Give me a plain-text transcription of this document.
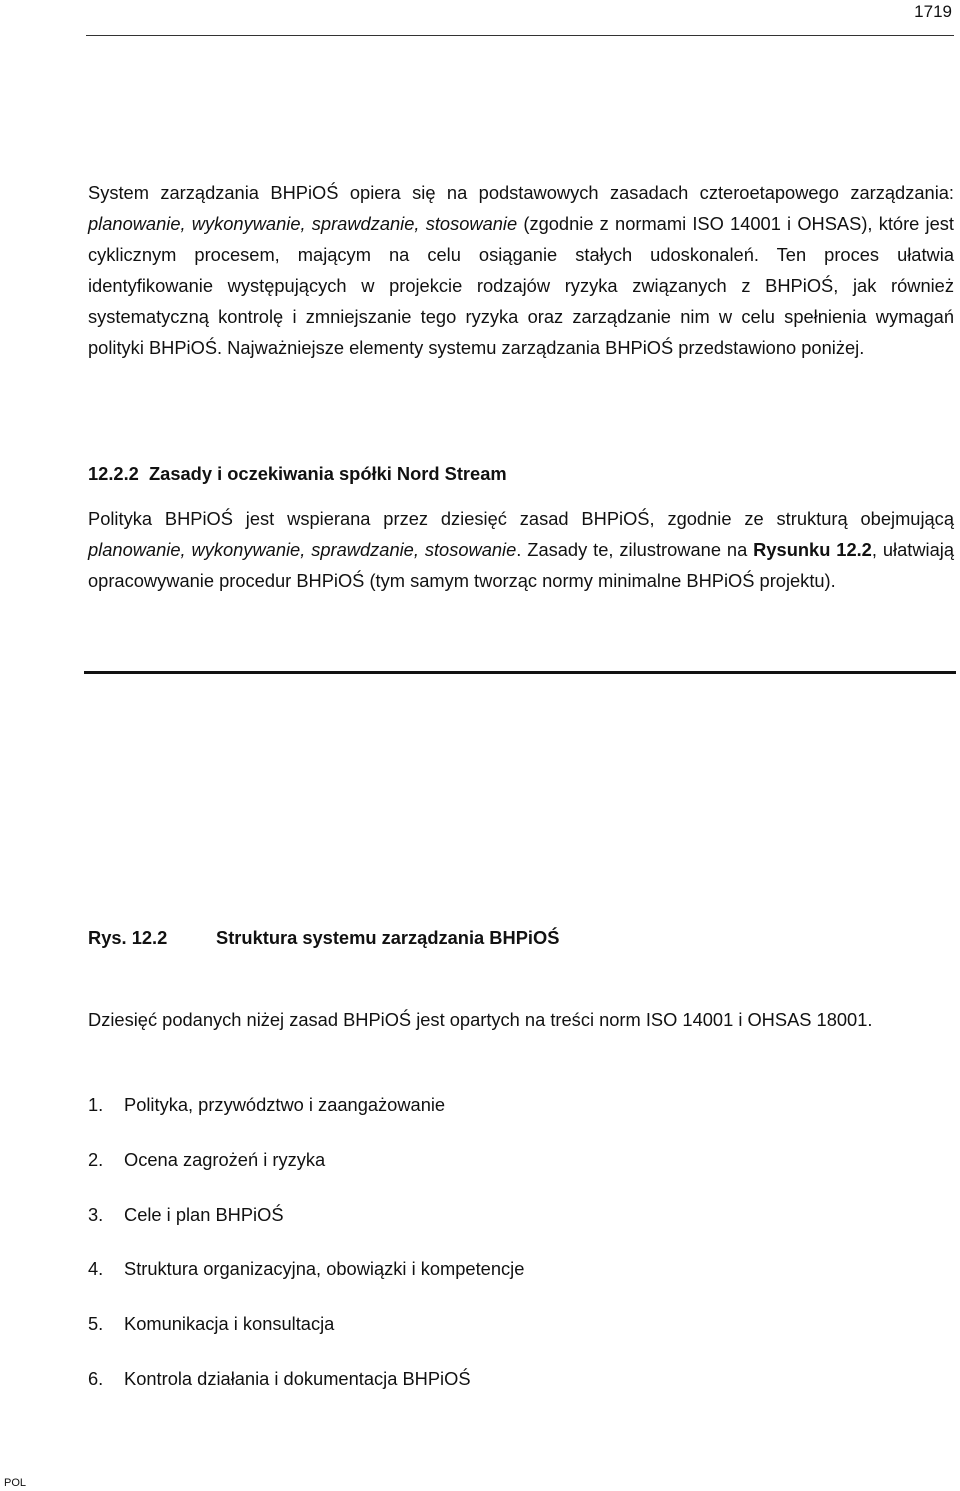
1719

System zarządzania BHPiOŚ opiera się na podstawowych zasadach czteroetapowego zarządzania: planowanie, wykonywanie, sprawdzanie, stosowanie (zgodnie z normami ISO 14001 i OHSAS), które jest cyklicznym procesem, mającym na celu osiąganie stałych udoskonaleń. Ten proces ułatwia identyfikowanie występujących w projekcie rodzajów ryzyka związanych z BHPiOŚ, jak również systematyczną kontrolę i zmniejszanie tego ryzyka oraz zarządzanie nim w celu spełnienia wymagań polityki BHPiOŚ. Najważniejsze elementy systemu zarządzania BHPiOŚ przedstawiono poniżej.

12.2.2 Zasady i oczekiwania spółki Nord Stream

Polityka BHPiOŚ jest wspierana przez dziesięć zasad BHPiOŚ, zgodnie ze strukturą obejmującą planowanie, wykonywanie, sprawdzanie, stosowanie. Zasady te, zilustrowane na Rysunku 12.2, ułatwiają opracowywanie procedur BHPiOŚ (tym samym tworząc normy minimalne BHPiOŚ projektu).

Rys. 12.2	Struktura systemu zarządzania BHPiOŚ

Dziesięć podanych niżej zasad BHPiOŚ jest opartych na treści norm ISO 14001 i OHSAS 18001.

1. Polityka, przywództwo i zaangażowanie
2. Ocena zagrożeń i ryzyka
3. Cele i plan BHPiOŚ
4. Struktura organizacyjna, obowiązki i kompetencje
5. Komunikacja i konsultacja
6. Kontrola działania i dokumentacja BHPiOŚ
POL
